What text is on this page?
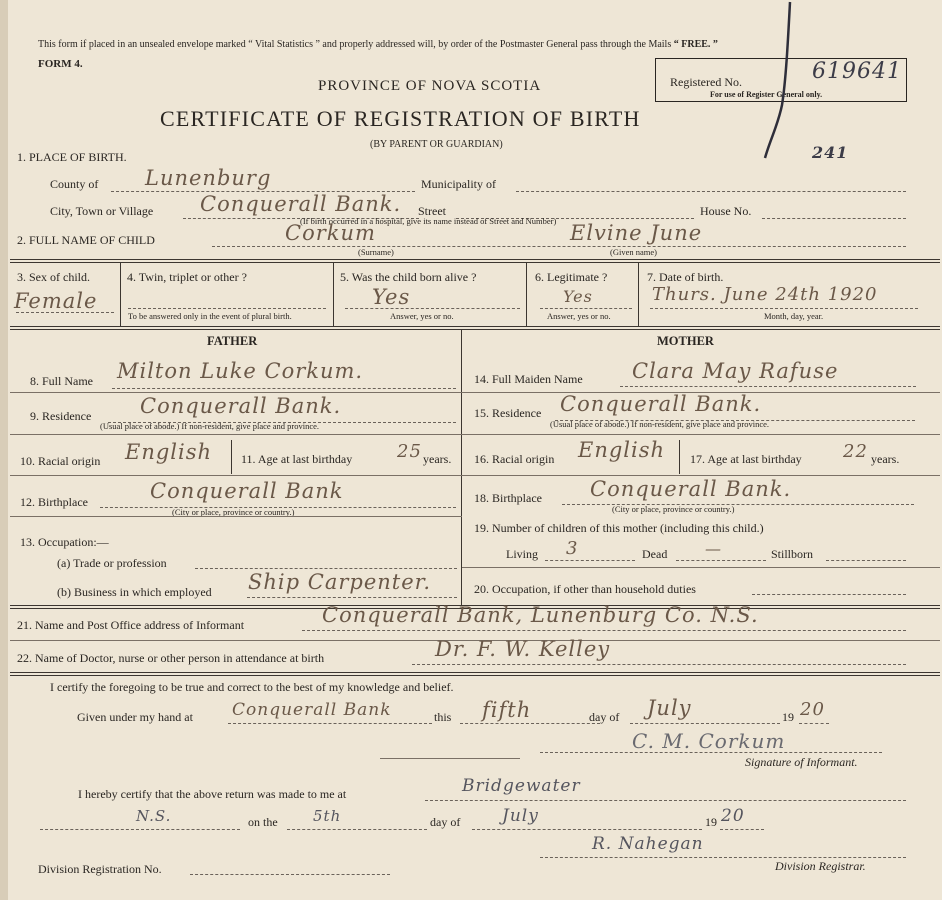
This form if placed in an unsealed envelope marked “ Vital Statistics ” and properly addressed will, by order of the Postmaster General pass through the Mails “ FREE. ”
FORM 4.
PROVINCE OF NOVA SCOTIA
CERTIFICATE OF REGISTRATION OF BIRTH
(BY PARENT OR GUARDIAN)
Registered No.	619641
For use of Register General only.
241
1. PLACE OF BIRTH.
County of Lunenburg	Municipality of
City, Town or Village Conquerall Bank. Street	House No.
(If birth occurred in a hospital, give its name instead of Street and Number)
2. FULL NAME OF CHILD	Corkum	Elvine June
(Surname)	(Given name)
3. Sex of child.
Female
4. Twin, triplet or other ?
To be answered only in the event of plural birth.
5. Was the child born alive ?
Yes
Answer, yes or no.
6. Legitimate ?
Yes
Answer, yes or no.
7. Date of birth.
Thurs. June 24th 1920
Month, day, year.
FATHER	MOTHER
8. Full Name Milton Luke Corkum.	14. Full Maiden Name Clara May Rafuse
9. Residence Conquerall Bank.
(Usual place of abode.) If non-resident, give place and province.
15. Residence Conquerall Bank.
(Usual place of abode.) If non-resident, give place and province.
10. Racial origin English 11. Age at last birthday 25 years. 16. Racial origin English 17. Age at last birthday 22 years.
12. Birthplace	Conquerall Bank
(City or place, province or country.)
18. Birthplace Conquerall Bank.
(City or place, province or country.)
13. Occupation:—
(a) Trade or profession
(b) Business in which employed Ship Carpenter.
19. Number of children of this mother (including this child.)
Living 3	Dead —	Stillborn
20. Occupation, if other than household duties
21. Name and Post Office address of Informant	Conquerall Bank, Lunenburg Co. N.S.
22. Name of Doctor, nurse or other person in attendance at birth	Dr. F. W. Kelley
I certify the foregoing to be true and correct to the best of my knowledge and belief.
Given under my hand at Conquerall Bank	this fifth	day of July	19 20
C. M. Corkum
Signature of Informant.
I hereby certify that the above return was made to me at	Bridgewater
N.S.	on the 5th	day of July	19 20
R. Nahegan
Division Registration No.	Division Registrar.
